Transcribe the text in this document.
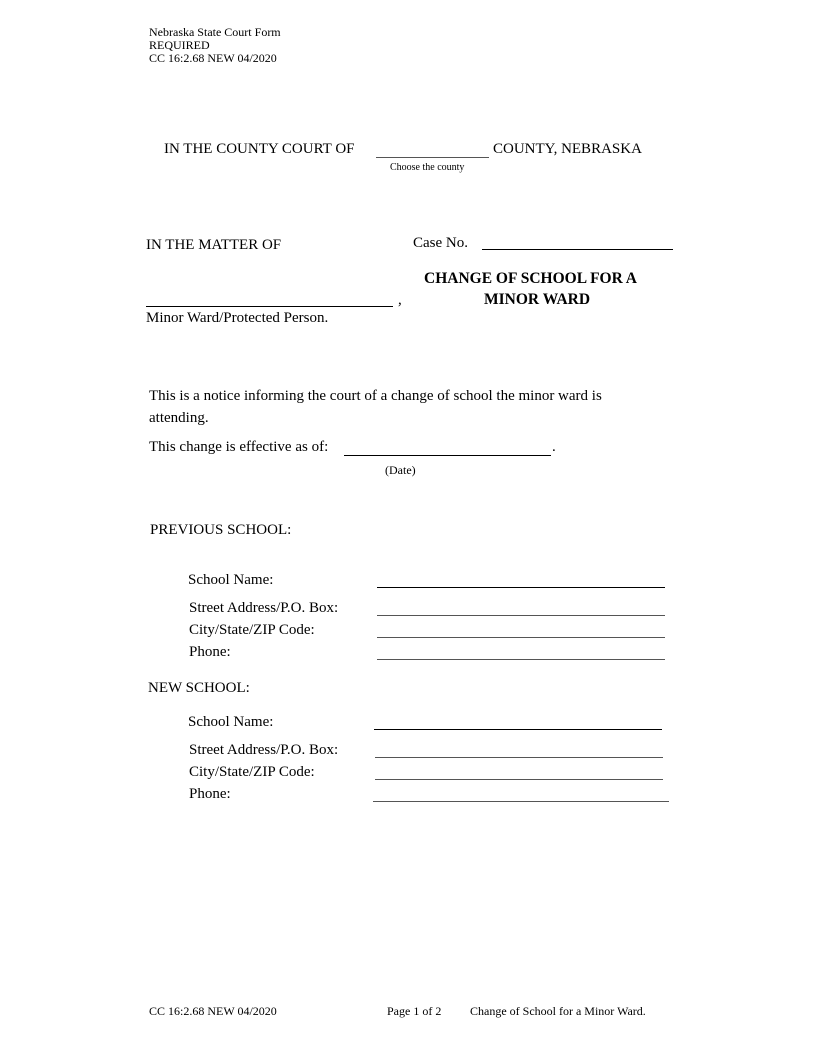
Nebraska State Court Form
REQUIRED
CC 16:2.68 NEW 04/2020
IN THE COUNTY COURT OF	COUNTY, NEBRASKA
Choose the county
IN THE MATTER OF	Case No.
CHANGE OF SCHOOL FOR A
MINOR WARD
,
Minor Ward/Protected Person.
This is a notice informing the court of a change of school the minor ward is
attending.
This change is effective as of:	.
(Date)
PREVIOUS SCHOOL:
School Name:
Street Address/P.O. Box:
City/State/ZIP Code:
Phone:
NEW SCHOOL:
School Name:
Street Address/P.O. Box:
City/State/ZIP Code:
Phone:
CC 16:2.68 NEW 04/2020	Page 1 of 2 Change of School for a Minor Ward.
